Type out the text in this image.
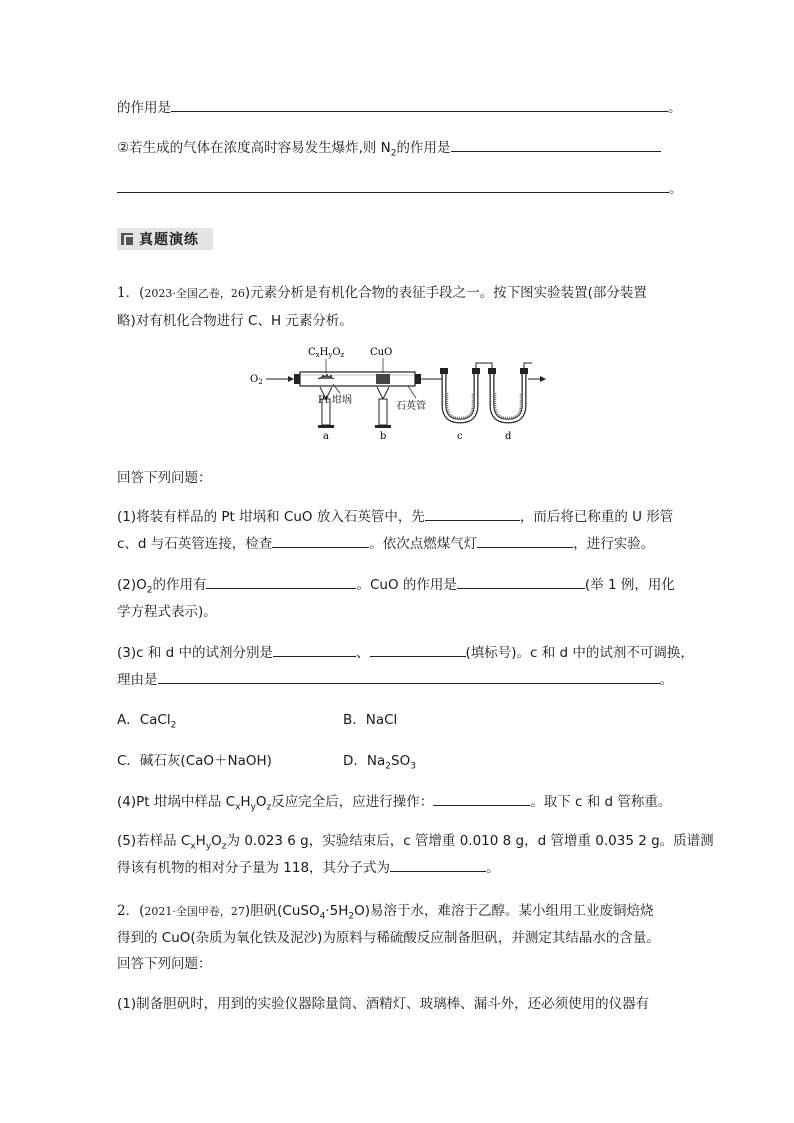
的作用是	。
②若生成的气体在浓度高时容易发生爆炸,则 $N_2$的作用是
。
真题演练
1．(2023·全国乙卷，26)元素分析是有机化合物的表征手段之一。按下图实验装置(部分装置
略)对有机化合物进行 C、H 元素分析。
$O_2$
$C_xH_yO_z$	CuO
Pt 坩埚
石英管
a	b	c	d
回答下列问题：
(1)将装有样品的 Pt 坩埚和 CuO 放入石英管中，先	，而后将已称重的 U 形管
c、d 与石英管连接，检查	。依次点燃煤气灯	，进行实验。
$(2)O_2$的作用有	。CuO 的作用是	(举 1 例，用化
学方程式表示)。
(3)c 和 d 中的试剂分别是	、	(填标号)。c 和 d 中的试剂不可调换，
理由是	。
A．CaCl$_2$	B．NaCl
C．碱石灰(CaO＋NaOH)	D．$Na_2SO_3$
(4)Pt 坩埚中样品 $C_xH_yO_z$反应完全后，应进行操作：	。取下 c 和 d 管称重。
(5)若样品 $C_xH_yO_z$为 0.023 6 g，实验结束后，c 管增重 0.010 8 g，d 管增重 0.035 2 g。质谱测
得该有机物的相对分子量为 118，其分子式为	。
2．(2021·全国甲卷，27)胆矾$(CuSO_4\cdot 5H_2O)$易溶于水，难溶于乙醇。某小组用工业废铜焙烧
得到的 CuO(杂质为氧化铁及泥沙)为原料与稀硫酸反应制备胆矾，并测定其结晶水的含量。
回答下列问题：
(1)制备胆矾时，用到的实验仪器除量筒、酒精灯、玻璃棒、漏斗外，还必须使用的仪器有
